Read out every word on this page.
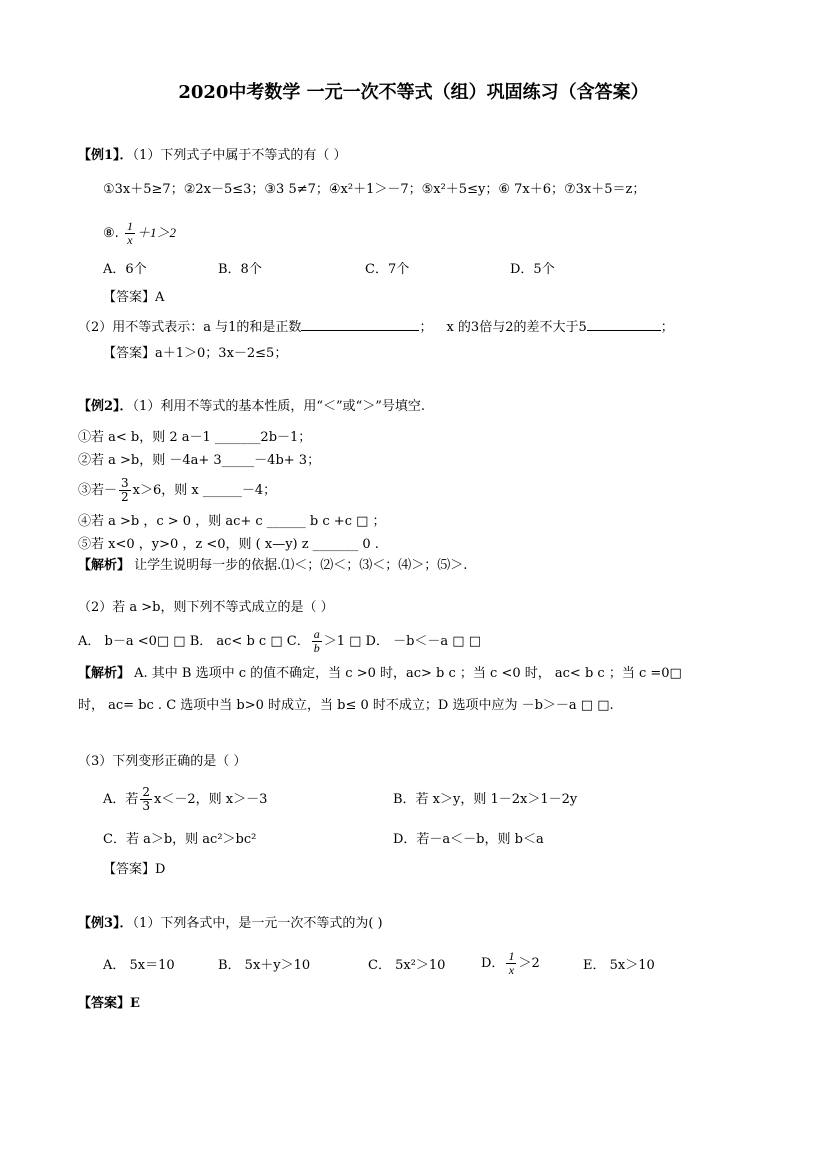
2020中考数学 一元一次不等式（组）巩固练习（含答案）
【例1】．（1）下列式子中属于不等式的有（ ）
①3x＋5≥7；②2x－5≤3；③3 5≠7；④x²＋1＞－7；⑤x²＋5≤y；⑥ 7x＋6；⑦3x＋5＝z；
⑧. $\frac{1}{x} +1>2$
A．6个	B．8个	C．7个	D．5个
【答案】A
（2）用不等式表示：a 与1的和是正数	； x 的3倍与2的差不大于5	；
【答案】a＋1＞0；3x－2≤5；
【例2】．（1）利用不等式的基本性质，用“＜”或“＞”号填空.
①若 a< b，则 2 a－1 _______2b－1；
②若 a >b，则 －4a+ 3_____－4b+ 3；
③若－ $\frac{3}{2} x>6$，则 x ______－4；
④若 a >b ，c > 0 ，则 ac+ c ______ b c +c □ ；
⑤若 x<0 ，y>0 ，z <0，则 ( x—y) z _______ 0 .
【解析】 让学生说明每一步的依据.⑴＜；⑵＜；⑶＜；⑷＞；⑸＞.
（2）若 a >b，则下列不等式成立的是（ ）
A． b－a <0□ □ B． ac< b c □ C． $\frac{a}{b} >1$ □ D． －b＜－a □ □
【解析】 A. 其中 B 选项中 c 的值不确定，当 c >0 时，ac> b c ；当 c <0 时， ac< b c ；当 c =0□
时， ac= bc . C 选项中当 b>0 时成立，当 b≤ 0 时不成立；D 选项中应为 －b＞－a □ □.
（3）下列变形正确的是（ ）
A．若 $\frac{2}{3} x<-2$，则 x＞－3	B．若 x＞y，则 1－2x＞1－2y
C．若 a＞b，则 ac²＞bc²	D．若－a＜－b，则 b＜a
【答案】D
【例3】．（1）下列各式中，是一元一次不等式的为( )
A． 5x＝10	B． 5x＋y＞10	C． 5x²＞10	D． $\frac{1}{x} >2$	E． 5x＞10
【答案】E
